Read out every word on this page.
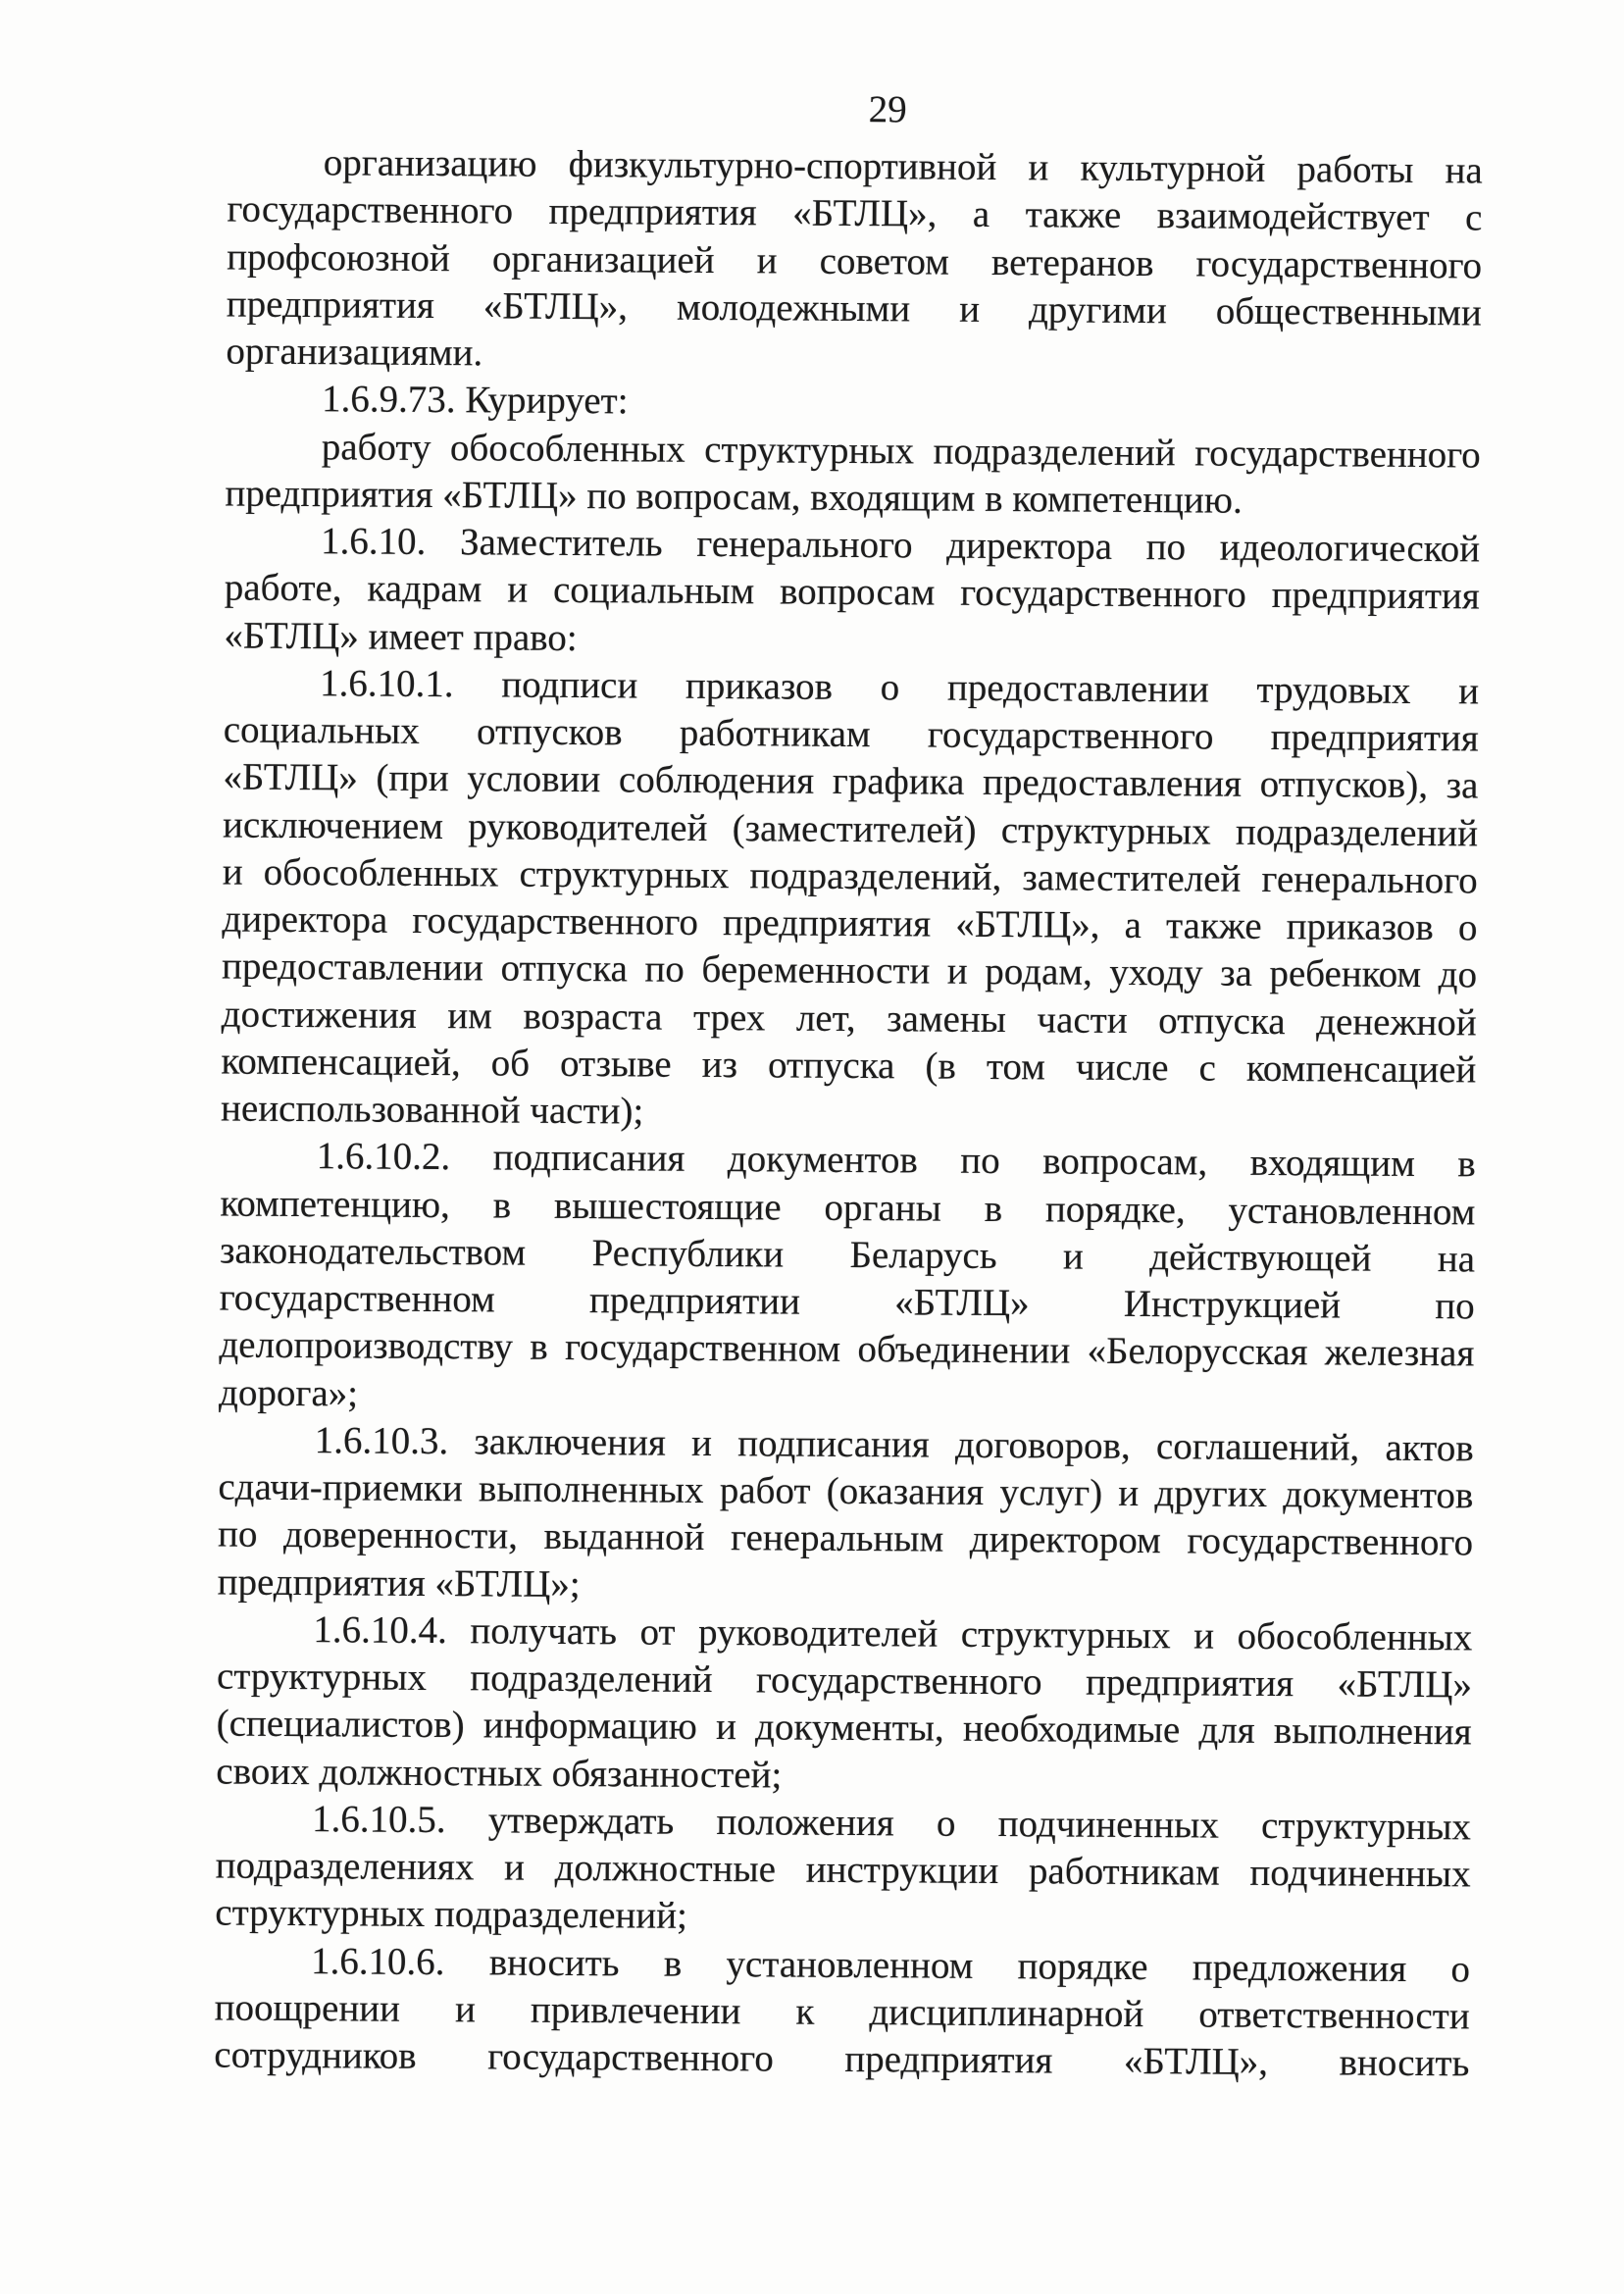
29

организацию физкультурно-спортивной и культурной работы на
государственного предприятия «БТЛЦ», а также взаимодействует с
профсоюзной организацией и советом ветеранов государственного
предприятия «БТЛЦ», молодежными и другими общественными
организациями.

1.6.9.73. Курирует:

работу обособленных структурных подразделений государственного
предприятия «БТЛЦ» по вопросам, входящим в компетенцию.

1.6.10. Заместитель генерального директора по идеологической
работе, кадрам и социальным вопросам государственного предприятия
«БТЛЦ» имеет право:

1.6.10.1. подписи приказов о предоставлении трудовых и
социальных отпусков работникам государственного предприятия
«БТЛЦ» (при условии соблюдения графика предоставления отпусков), за
исключением руководителей (заместителей) структурных подразделений
и обособленных структурных подразделений, заместителей генерального
директора государственного предприятия «БТЛЦ», а также приказов о
предоставлении отпуска по беременности и родам, уходу за ребенком до
достижения им возраста трех лет, замены части отпуска денежной
компенсацией, об отзыве из отпуска (в том числе с компенсацией
неиспользованной части);

1.6.10.2. подписания документов по вопросам, входящим в
компетенцию, в вышестоящие органы в порядке, установленном
законодательством Республики Беларусь и действующей на
государственном предприятии «БТЛЦ» Инструкцией по
делопроизводству в государственном объединении «Белорусская железная
дорога»;

1.6.10.3. заключения и подписания договоров, соглашений, актов
сдачи-приемки выполненных работ (оказания услуг) и других документов
по доверенности, выданной генеральным директором государственного
предприятия «БТЛЦ»;

1.6.10.4. получать от руководителей структурных и обособленных
структурных подразделений государственного предприятия «БТЛЦ»
(специалистов) информацию и документы, необходимые для выполнения
своих должностных обязанностей;

1.6.10.5. утверждать положения о подчиненных структурных
подразделениях и должностные инструкции работникам подчиненных
структурных подразделений;

1.6.10.6. вносить в установленном порядке предложения о
поощрении и привлечении к дисциплинарной ответственности
сотрудников государственного предприятия «БТЛЦ», вносить
